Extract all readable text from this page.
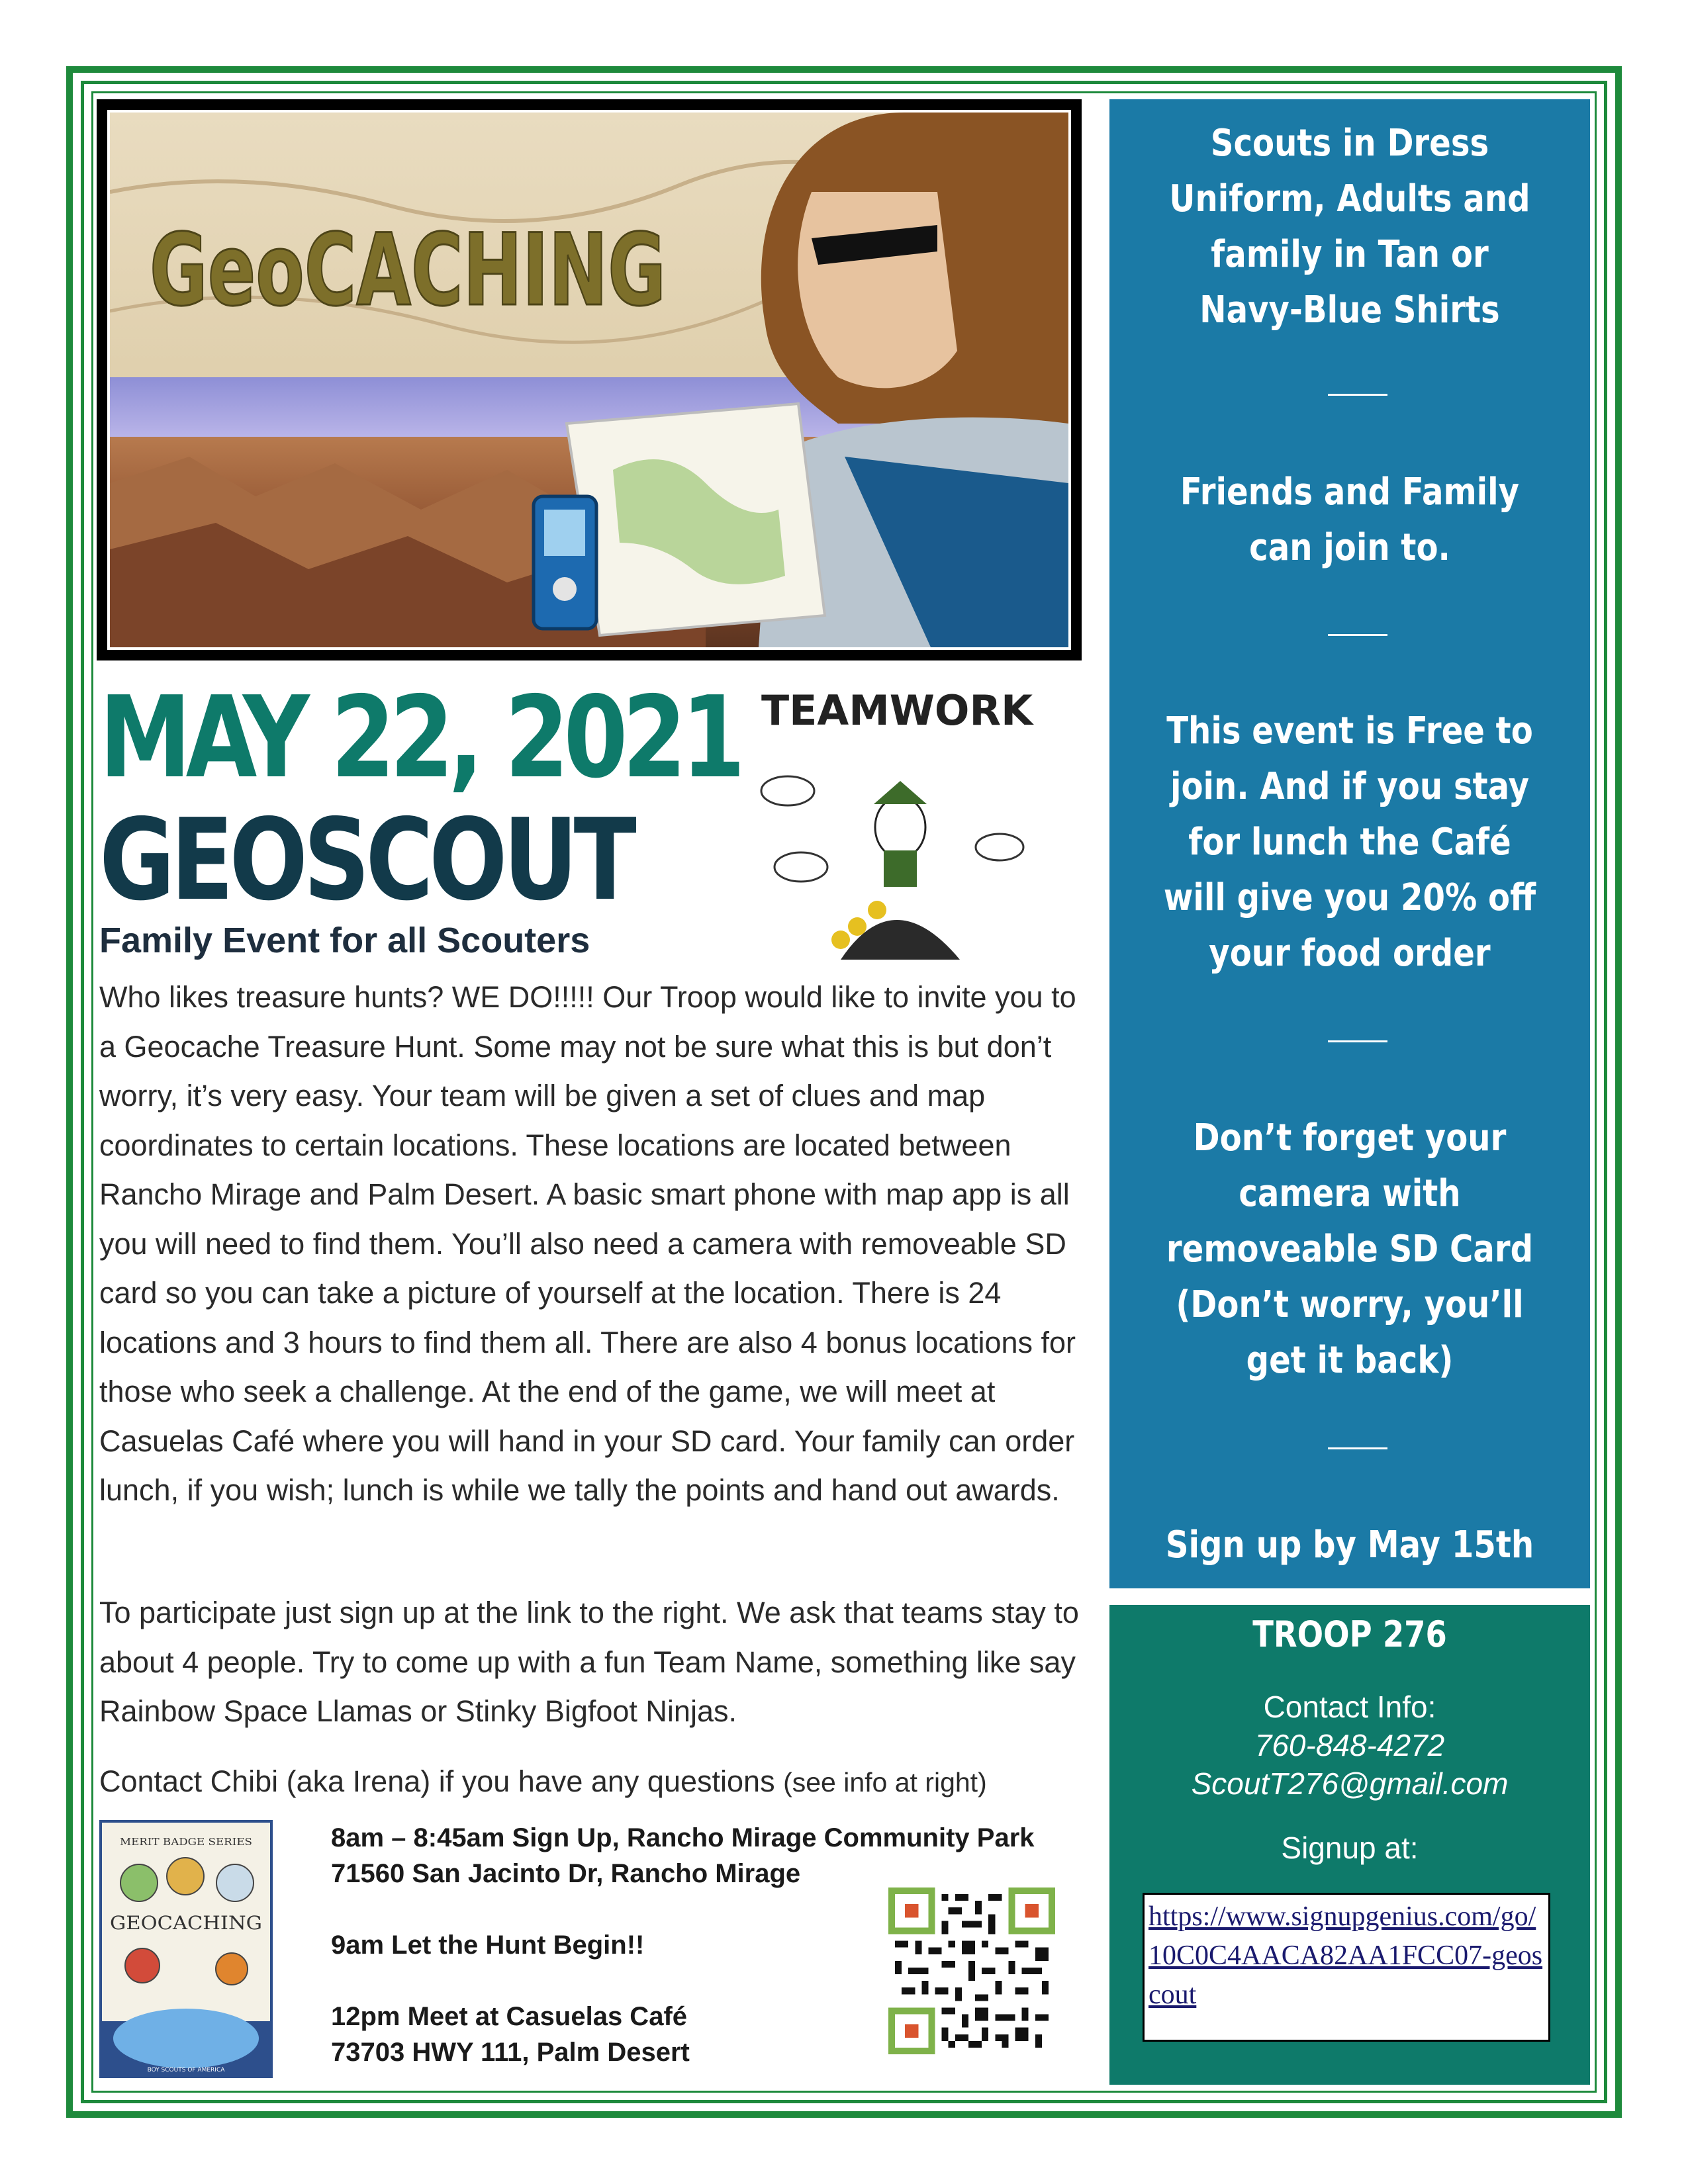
GeoCACHING
MAY 22, 2021
GEOSCOUT
Family Event for all Scouters
TEAMWORK
Who likes treasure hunts? WE DO!!!!! Our Troop would like to invite you to a Geocache Treasure Hunt. Some may not be sure what this is but don’t worry, it’s very easy. Your team will be given a set of clues and map coordinates to certain locations. These locations are located between Rancho Mirage and Palm Desert. A basic smart phone with map app is all you will need to find them. You’ll also need a camera with removeable SD card so you can take a picture of yourself at the location. There is 24 locations and 3 hours to find them all. There are also 4 bonus locations for those who seek a challenge. At the end of the game, we will meet at Casuelas Café where you will hand in your SD card. Your family can order lunch, if you wish; lunch is while we tally the points and hand out awards.
To participate just sign up at the link to the right. We ask that teams stay to about 4 people. Try to come up with a fun Team Name, something like say Rainbow Space Llamas or Stinky Bigfoot Ninjas.
Contact Chibi (aka Irena) if you have any questions (see info at right)
MERIT BADGE SERIES
GEOCACHING
BOY SCOUTS OF AMERICA
8am – 8:45am Sign Up, Rancho Mirage Community Park
71560 San Jacinto Dr, Rancho Mirage
9am Let the Hunt Begin!!
12pm Meet at Casuelas Café
73703 HWY 111, Palm Desert
Scouts in Dress Uniform, Adults and family in Tan or Navy-Blue Shirts
Friends and Family can join to.
This event is Free to join. And if you stay for lunch the Café will give you 20% off your food order
Don’t forget your camera with removeable SD Card (Don’t worry, you’ll get it back)
Sign up by May 15th
TROOP 276
Contact Info:
760-848-4272
ScoutT276@gmail.com
Signup at:
https://www.signupgenius.com/go/10C0C4AACA82AA1FCC07-geoscout
